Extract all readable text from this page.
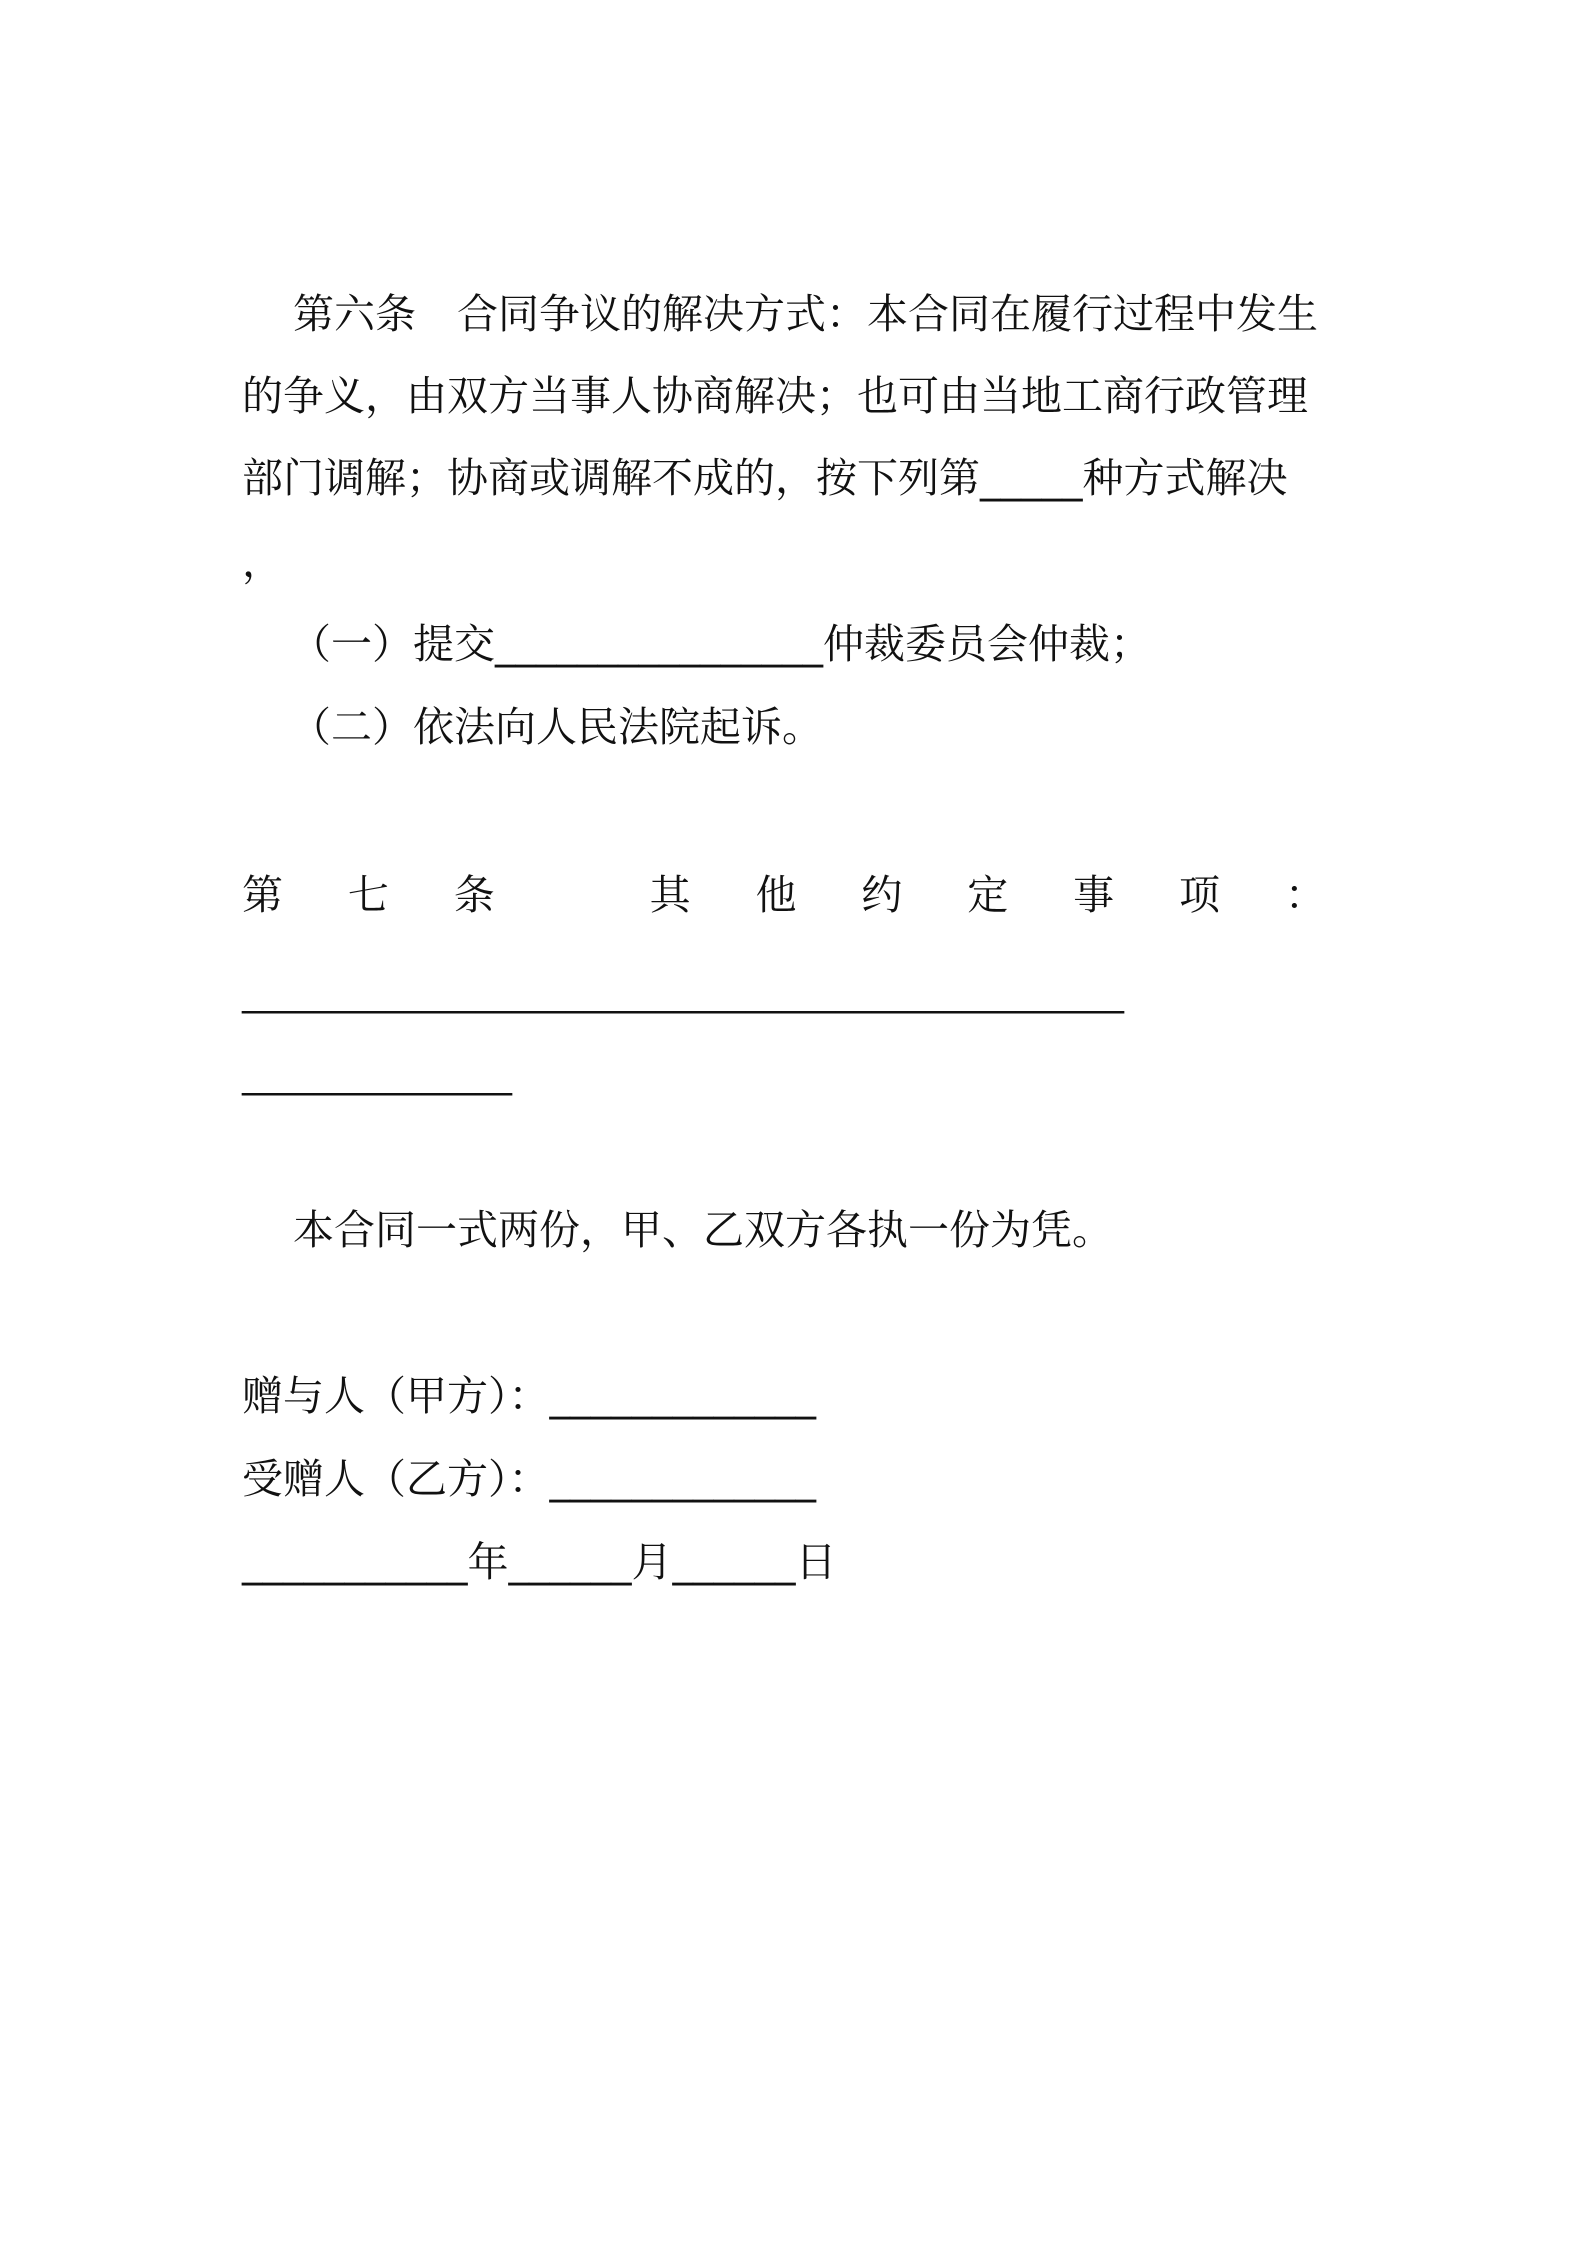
第六条　合同争议的解决方式：本合同在履行过程中发生

的争义，由双方当事人协商解决；也可由当地工商行政管理

部门调解；协商或调解不成的，按下列第_____种方式解决

，

（一）提交________________仲裁委员会仲裁；

（二）依法向人民法院起诉。

第 七 条	其 他 约 定 事 项 ：

_________________________________________________

_______________

本合同一式两份，甲、乙双方各执一份为凭。

赠与人（甲方）：_____________

受赠人（乙方）：_____________

___________年______月______日
